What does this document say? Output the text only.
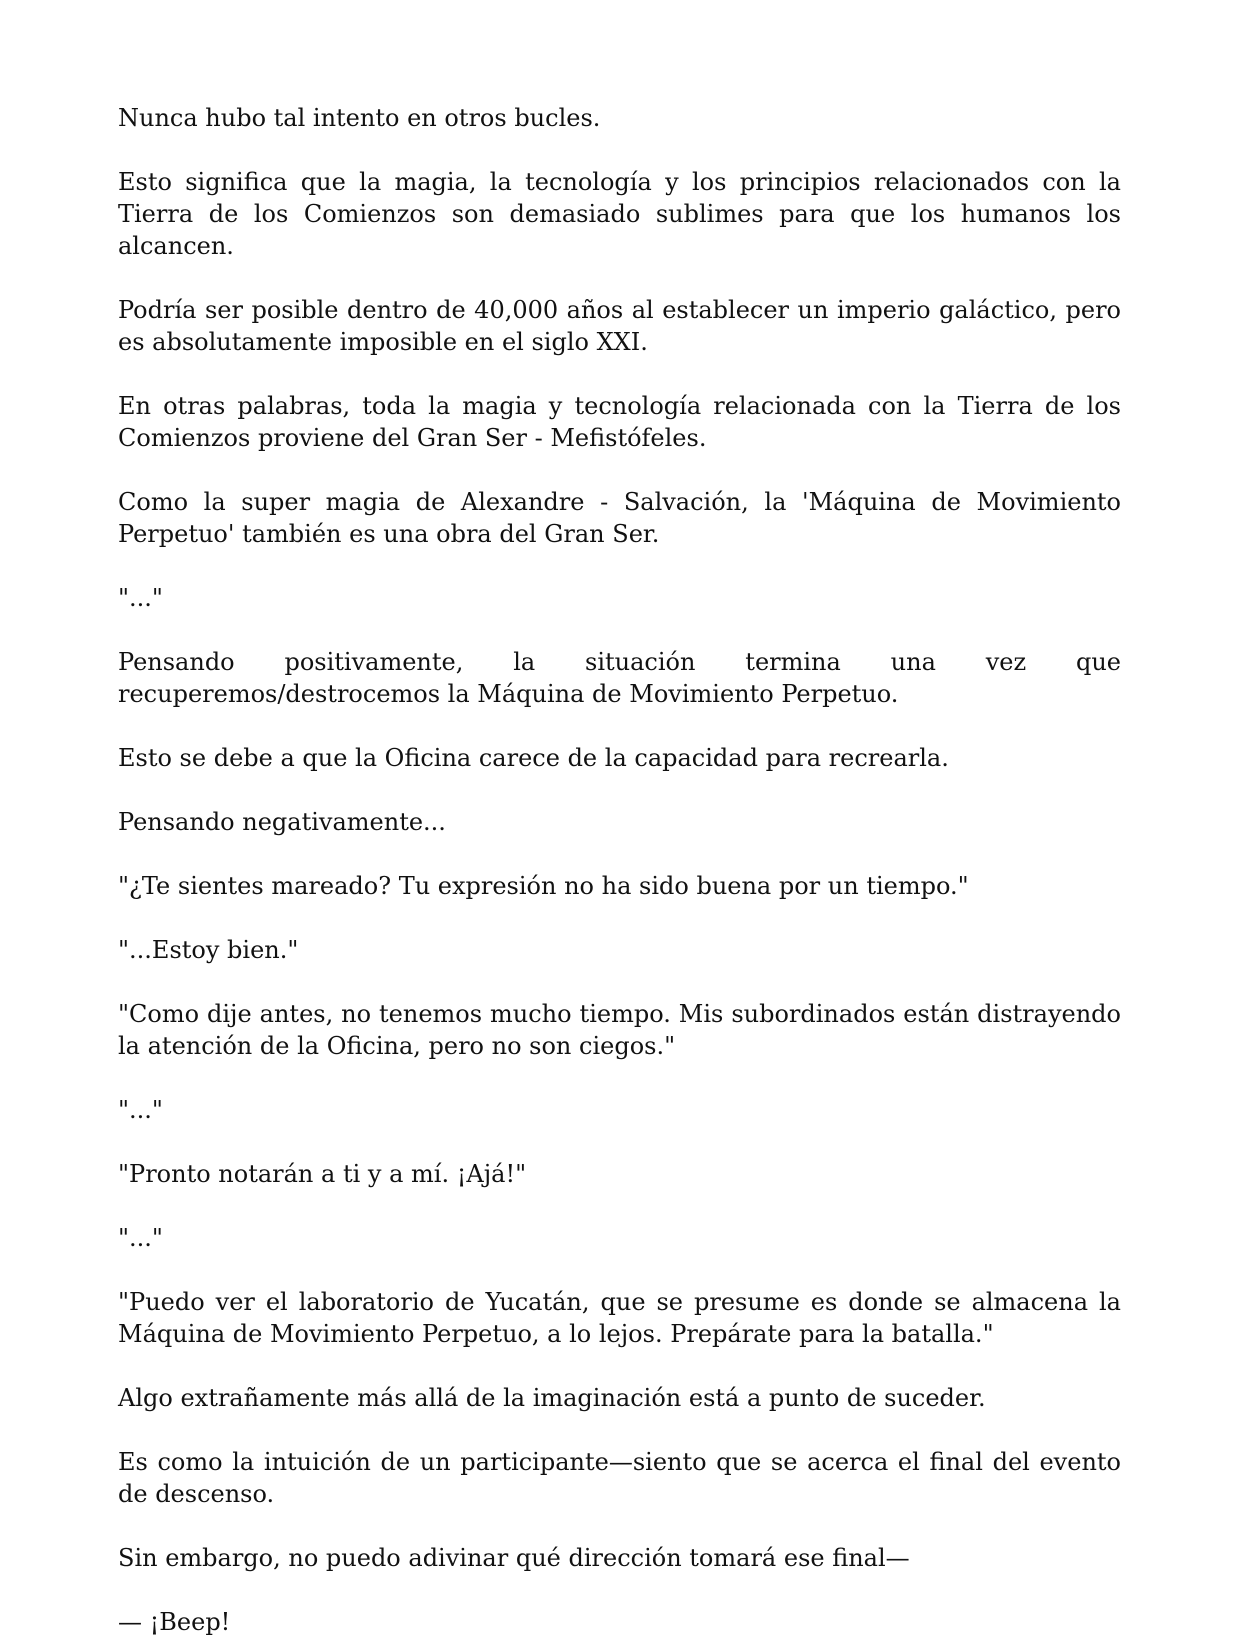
Nunca hubo tal intento en otros bucles.

Esto significa que la magia, la tecnología y los principios relacionados con la Tierra de los Comienzos son demasiado sublimes para que los humanos los alcancen.

Podría ser posible dentro de 40,000 años al establecer un imperio galáctico, pero es absolutamente imposible en el siglo XXI.

En otras palabras, toda la magia y tecnología relacionada con la Tierra de los Comienzos proviene del Gran Ser - Mefistófeles.

Como la super magia de Alexandre - Salvación, la 'Máquina de Movimiento Perpetuo' también es una obra del Gran Ser.

"..."

Pensando positivamente, la situación termina una vez que recuperemos/destrocemos la Máquina de Movimiento Perpetuo.

Esto se debe a que la Oficina carece de la capacidad para recrearla.

Pensando negativamente...

"¿Te sientes mareado? Tu expresión no ha sido buena por un tiempo."

"...Estoy bien."

"Como dije antes, no tenemos mucho tiempo. Mis subordinados están distrayendo la atención de la Oficina, pero no son ciegos."

"..."

"Pronto notarán a ti y a mí. ¡Ajá!"

"..."

"Puedo ver el laboratorio de Yucatán, que se presume es donde se almacena la Máquina de Movimiento Perpetuo, a lo lejos. Prepárate para la batalla."

Algo extrañamente más allá de la imaginación está a punto de suceder.

Es como la intuición de un participante—siento que se acerca el final del evento de descenso.

Sin embargo, no puedo adivinar qué dirección tomará ese final—

— ¡Beep!
